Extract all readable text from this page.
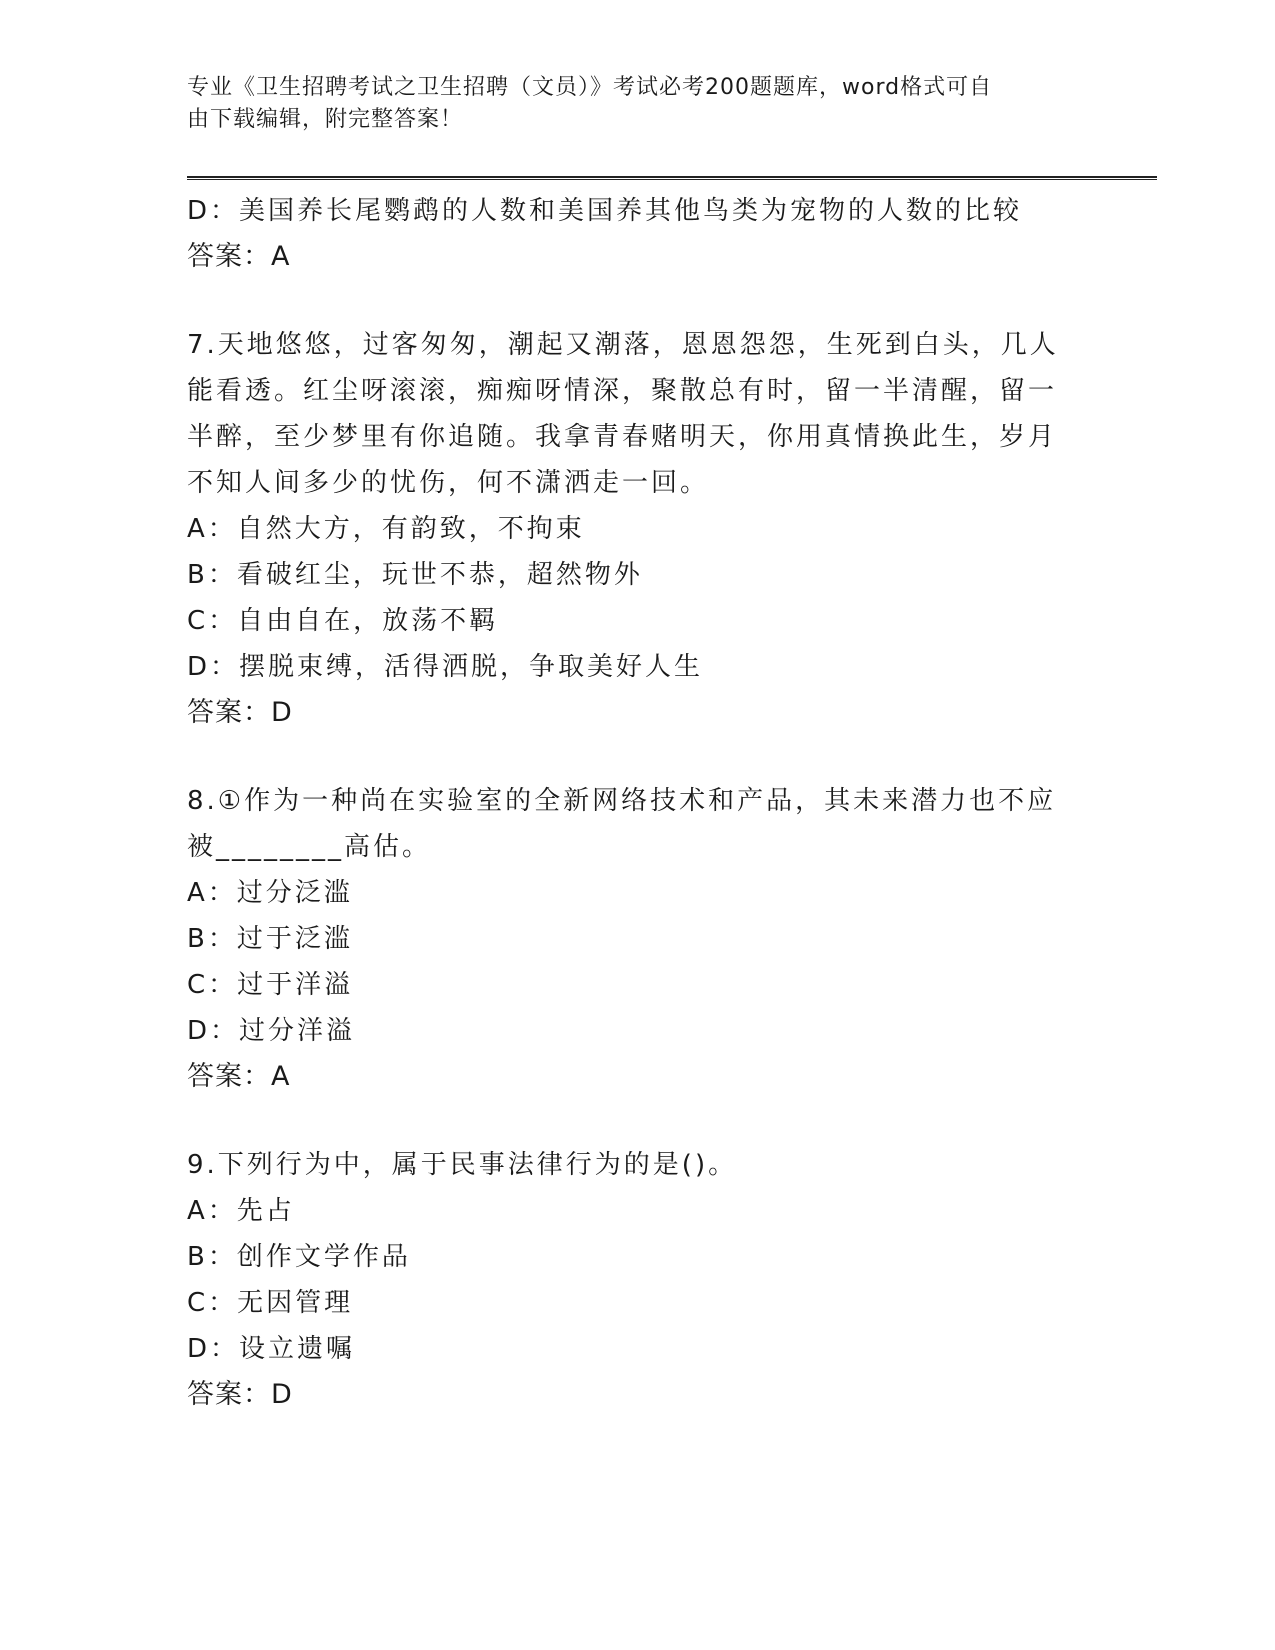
专业《卫生招聘考试之卫生招聘（文员）》考试必考200题题库，word格式可自
由下载编辑，附完整答案！
D：美国养长尾鹦鹉的人数和美国养其他鸟类为宠物的人数的比较
答案：A
7.天地悠悠，过客匆匆，潮起又潮落，恩恩怨怨，生死到白头，几人
能看透。红尘呀滚滚，痴痴呀情深，聚散总有时，留一半清醒，留一
半醉，至少梦里有你追随。我拿青春赌明天，你用真情换此生，岁月
不知人间多少的忧伤，何不潇洒走一回。
A：自然大方，有韵致，不拘束
B：看破红尘，玩世不恭，超然物外
C：自由自在，放荡不羁
D：摆脱束缚，活得洒脱，争取美好人生
答案：D
8.①作为一种尚在实验室的全新网络技术和产品，其未来潜力也不应
被________高估。
A：过分泛滥
B：过于泛滥
C：过于洋溢
D：过分洋溢
答案：A
9.下列行为中，属于民事法律行为的是()。
A：先占
B：创作文学作品
C：无因管理
D：设立遗嘱
答案：D
